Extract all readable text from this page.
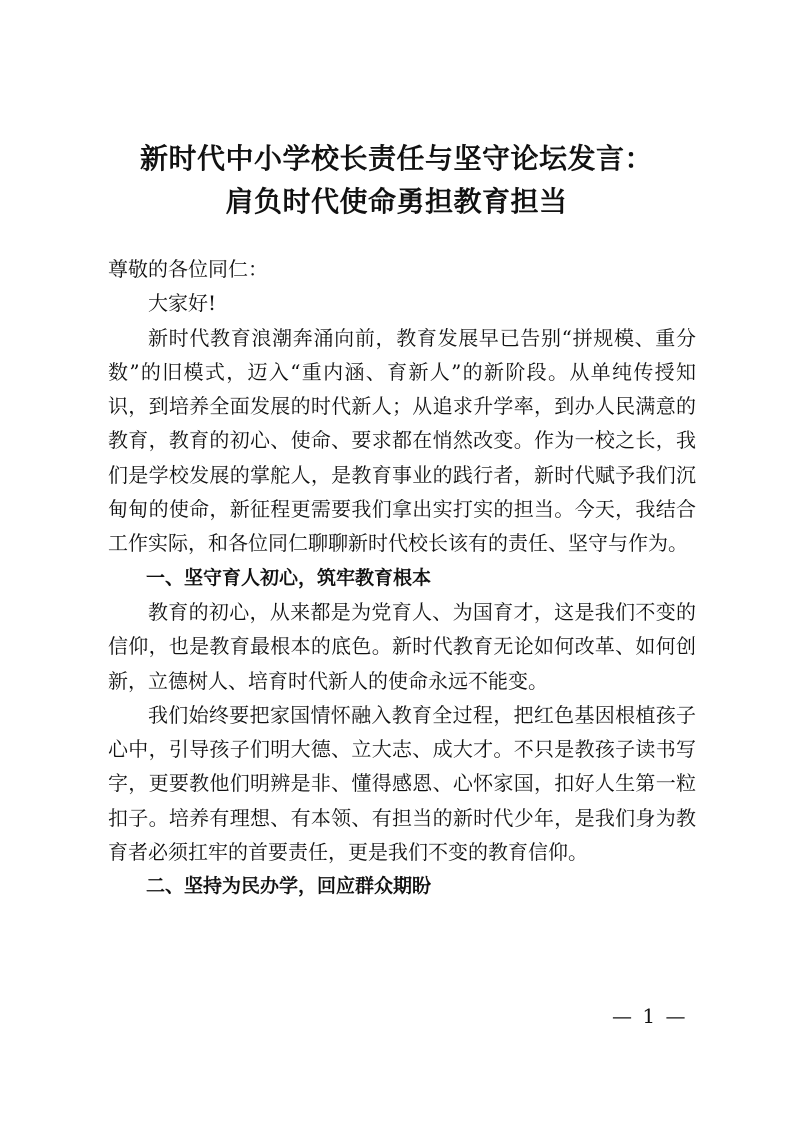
新时代中小学校长责任与坚守论坛发言：
肩负时代使命勇担教育担当

尊敬的各位同仁：

大家好!

新时代教育浪潮奔涌向前，教育发展早已告别“拼规模、重分数”的旧模式，迈入“重内涵、育新人”的新阶段。从单纯传授知识，到培养全面发展的时代新人；从追求升学率，到办人民满意的教育，教育的初心、使命、要求都在悄然改变。作为一校之长，我们是学校发展的掌舵人，是教育事业的践行者，新时代赋予我们沉甸甸的使命，新征程更需要我们拿出实打实的担当。今天，我结合工作实际，和各位同仁聊聊新时代校长该有的责任、坚守与作为。

一、坚守育人初心，筑牢教育根本

教育的初心，从来都是为党育人、为国育才，这是我们不变的信仰，也是教育最根本的底色。新时代教育无论如何改革、如何创新，立德树人、培育时代新人的使命永远不能变。

我们始终要把家国情怀融入教育全过程，把红色基因根植孩子心中，引导孩子们明大德、立大志、成大才。不只是教孩子读书写字，更要教他们明辨是非、懂得感恩、心怀家国，扣好人生第一粒扣子。培养有理想、有本领、有担当的新时代少年，是我们身为教育者必须扛牢的首要责任，更是我们不变的教育信仰。

二、坚持为民办学，回应群众期盼

— 1 —
